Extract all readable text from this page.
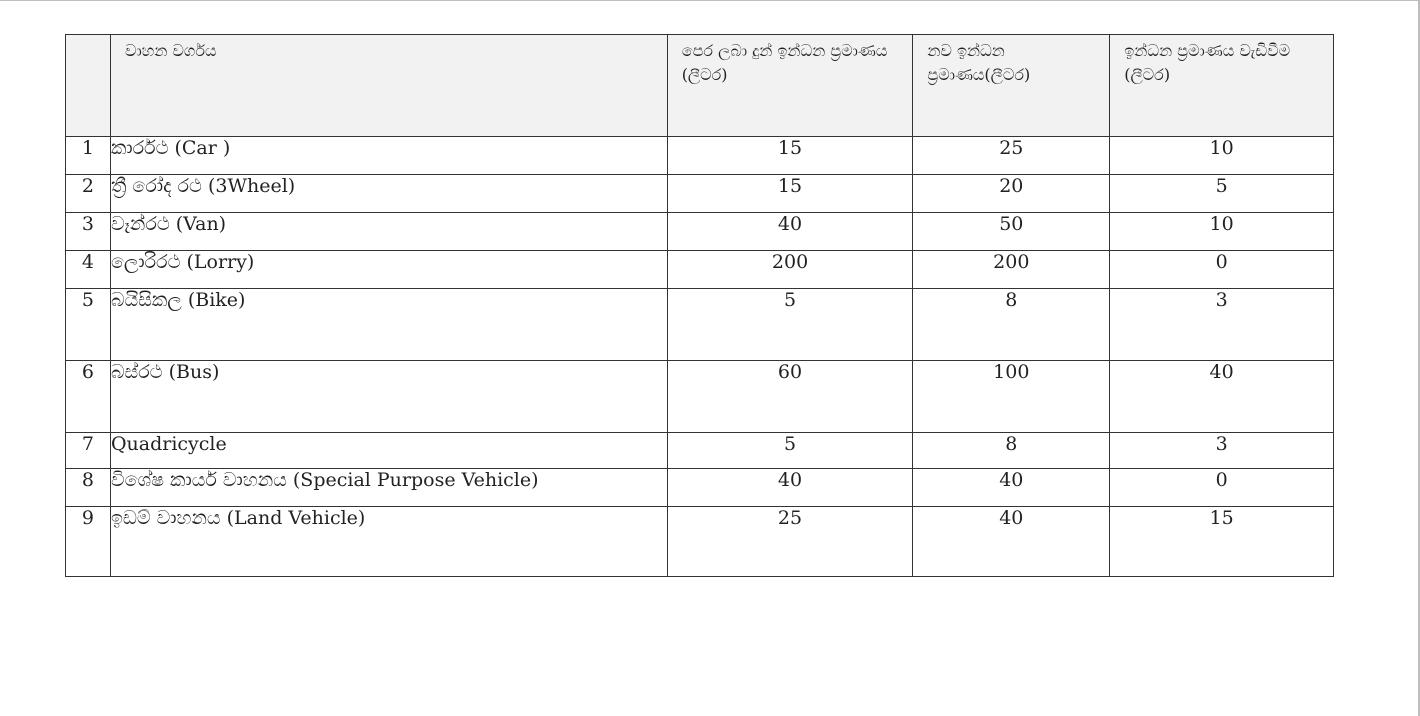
	වාහන වර්ගය	පෙර ලබා දුන් ඉන්ධන ප්‍රමාණය (ලීටර)	නව ඉන්ධන ප්‍රමාණය(ලීටර)	ඉන්ධන ප්‍රමාණය වැඩිවීම (ලීටර)
1	කාර්රථ (Car )	15	25	10
2	ත්‍රී රෝද රථ (3Wheel)	15	20	5
3	වෑන්රථ (Van)	40	50	10
4	ලොරිරථ (Lorry)	200	200	0
5	බයිසිකල (Bike)	5	8	3
6	බස්රථ (Bus)	60	100	40
7	Quadricycle	5	8	3
8	විශේෂ කාර්ය වාහනය (Special Purpose Vehicle)	40	40	0
9	ඉඩම් වාහනය (Land Vehicle)	25	40	15
